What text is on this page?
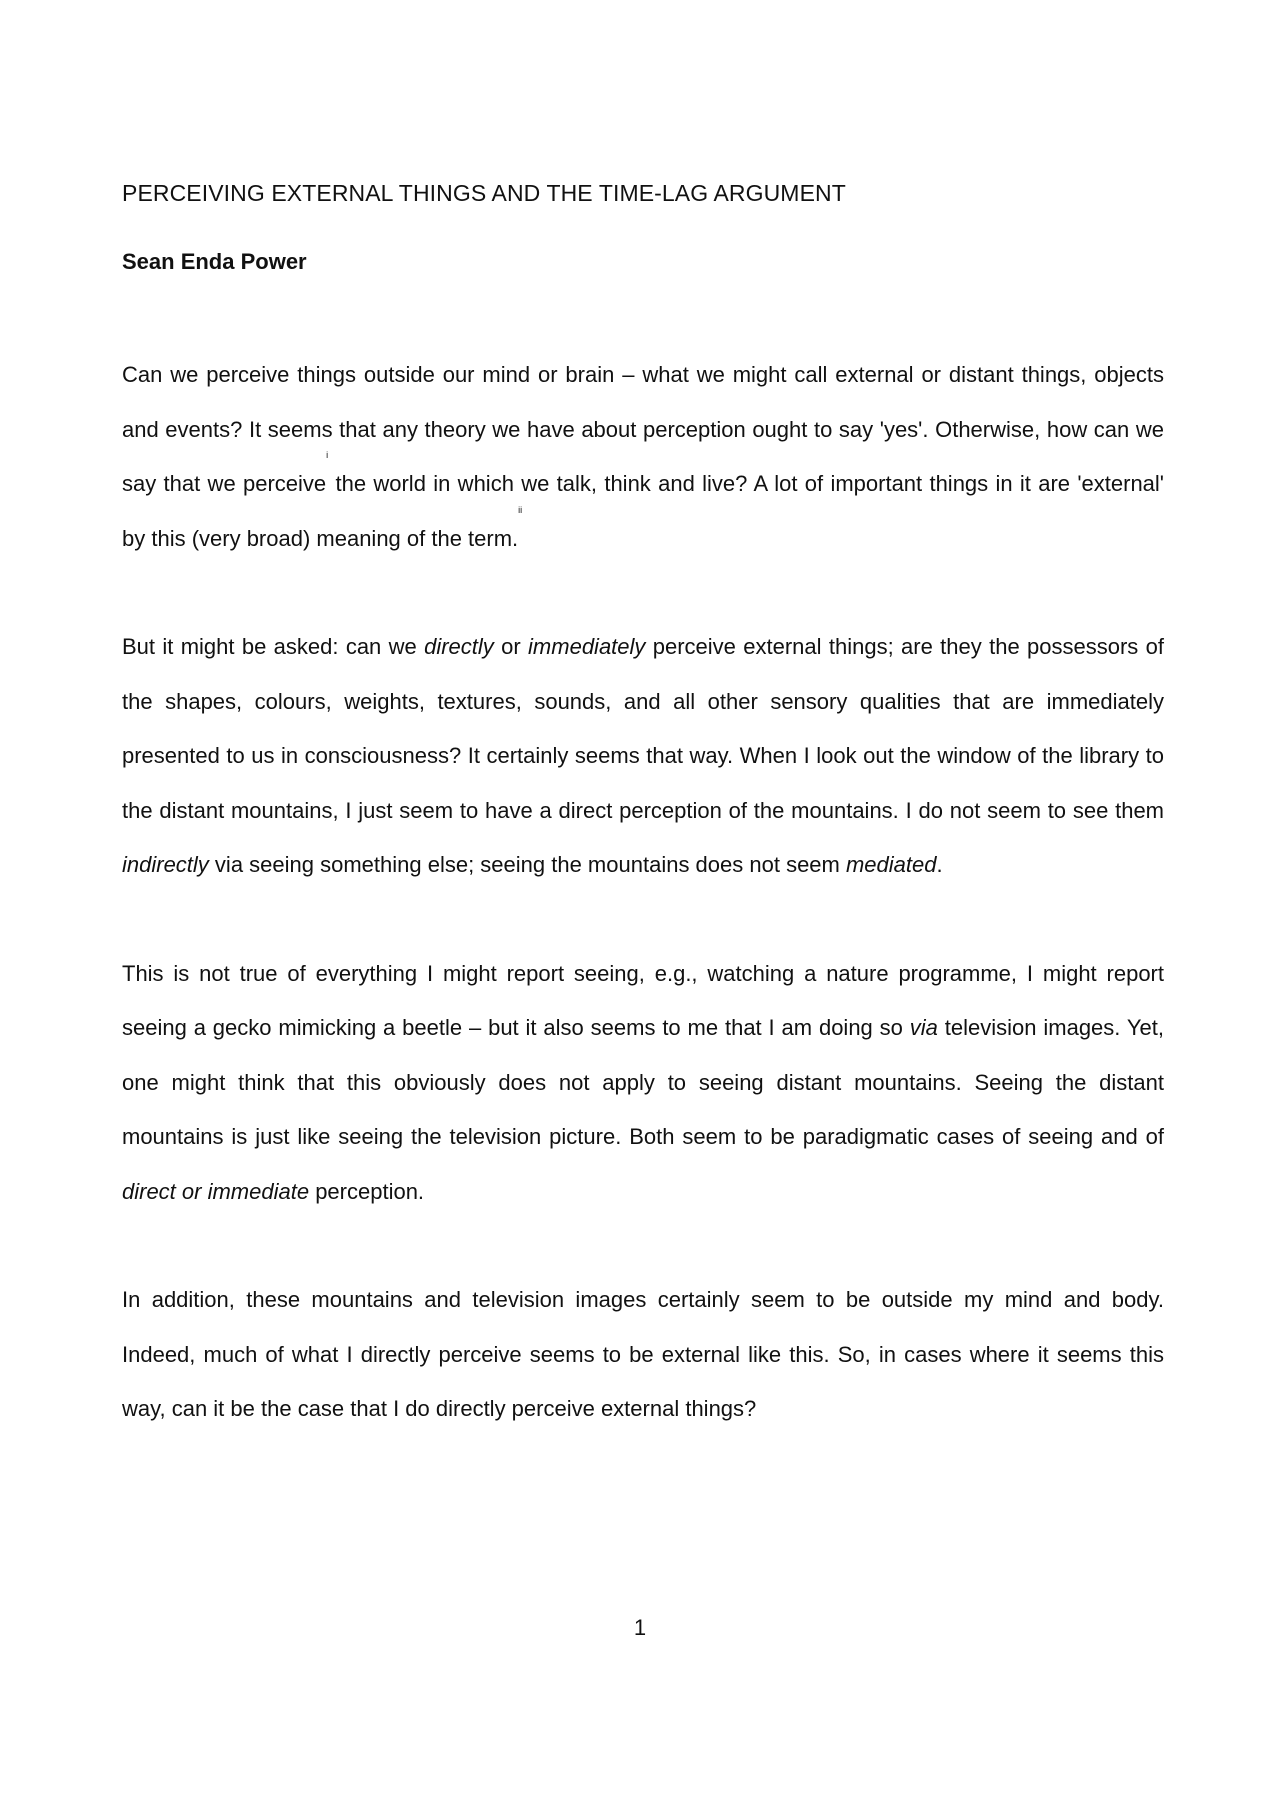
PERCEIVING EXTERNAL THINGS AND THE TIME-LAG ARGUMENT
Sean Enda Power

Can we perceive things outside our mind or brain – what we might call external or distant things, objects and events? It seems that any theory we have about perception ought to say 'yes'. Otherwise, how can we say that we perceive$^i$ the world in which we talk, think and live? A lot of important things in it are 'external' by this (very broad) meaning of the term.$^{ii}$

But it might be asked: can we directly or immediately perceive external things; are they the possessors of the shapes, colours, weights, textures, sounds, and all other sensory qualities that are immediately presented to us in consciousness? It certainly seems that way. When I look out the window of the library to the distant mountains, I just seem to have a direct perception of the mountains. I do not seem to see them indirectly via seeing something else; seeing the mountains does not seem mediated.

This is not true of everything I might report seeing, e.g., watching a nature programme, I might report seeing a gecko mimicking a beetle – but it also seems to me that I am doing so via television images. Yet, one might think that this obviously does not apply to seeing distant mountains. Seeing the distant mountains is just like seeing the television picture. Both seem to be paradigmatic cases of seeing and of direct or immediate perception.

In addition, these mountains and television images certainly seem to be outside my mind and body. Indeed, much of what I directly perceive seems to be external like this. So, in cases where it seems this way, can it be the case that I do directly perceive external things?

1
